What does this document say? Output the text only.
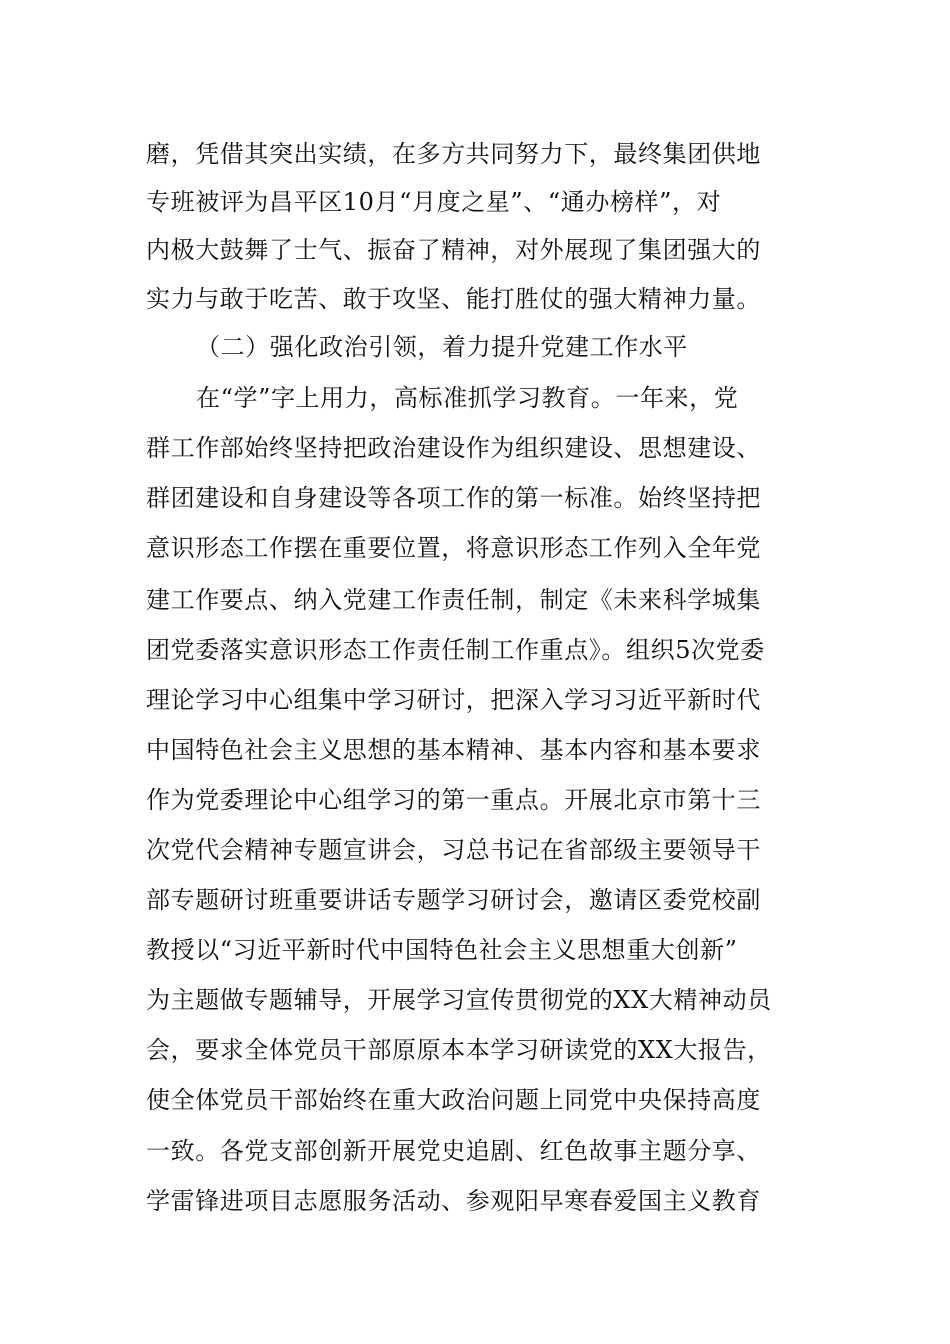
磨，凭借其突出实绩，在多方共同努力下，最终集团供地
专班被评为昌平区10月“月度之星”、“通办榜样”，对
内极大鼓舞了士气、振奋了精神，对外展现了集团强大的
实力与敢于吃苦、敢于攻坚、能打胜仗的强大精神力量。
（二）强化政治引领，着力提升党建工作水平
在“学”字上用力，高标准抓学习教育。一年来，党
群工作部始终坚持把政治建设作为组织建设、思想建设、
群团建设和自身建设等各项工作的第一标准。始终坚持把
意识形态工作摆在重要位置，将意识形态工作列入全年党
建工作要点、纳入党建工作责任制，制定《未来科学城集
团党委落实意识形态工作责任制工作重点》。组织5次党委
理论学习中心组集中学习研讨，把深入学习习近平新时代
中国特色社会主义思想的基本精神、基本内容和基本要求
作为党委理论中心组学习的第一重点。开展北京市第十三
次党代会精神专题宣讲会，习总书记在省部级主要领导干
部专题研讨班重要讲话专题学习研讨会，邀请区委党校副
教授以“习近平新时代中国特色社会主义思想重大创新”
为主题做专题辅导，开展学习宣传贯彻党的XX大精神动员
会，要求全体党员干部原原本本学习研读党的XX大报告，
使全体党员干部始终在重大政治问题上同党中央保持高度
一致。各党支部创新开展党史追剧、红色故事主题分享、
学雷锋进项目志愿服务活动、参观阳早寒春爱国主义教育
